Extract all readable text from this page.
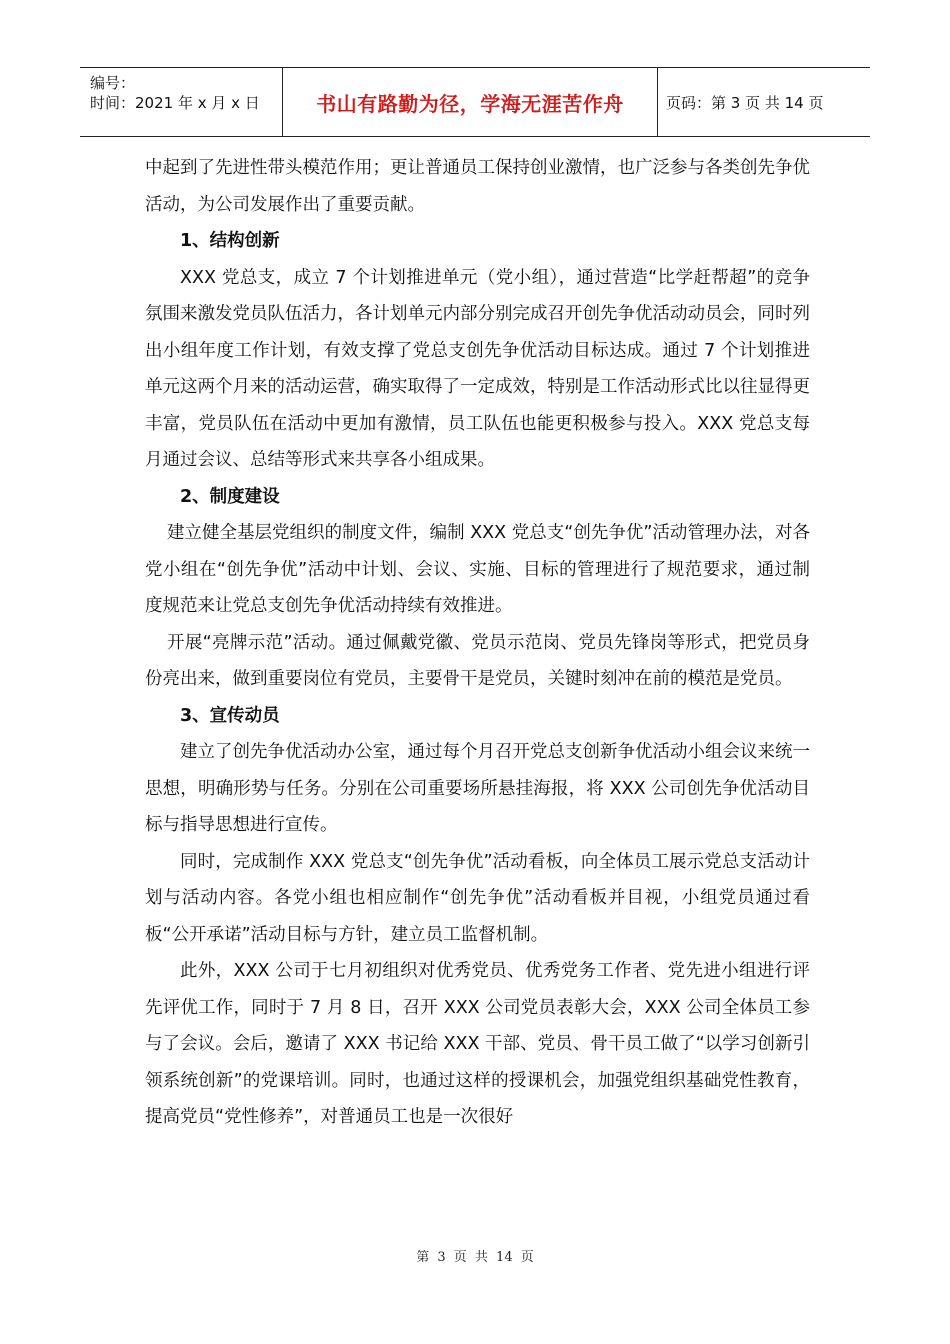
编号：
时间：2021 年 x 月 x 日	书山有路勤为径，学海无涯苦作舟	页码：第 3 页 共 14 页

中起到了先进性带头模范作用；更让普通员工保持创业激情，也广泛参与各类创先争优活动，为公司发展作出了重要贡献。

1、结构创新

XXX 党总支，成立 7 个计划推进单元（党小组），通过营造“比学赶帮超”的竞争氛围来激发党员队伍活力，各计划单元内部分别完成召开创先争优活动动员会，同时列出小组年度工作计划，有效支撑了党总支创先争优活动目标达成。通过 7 个计划推进单元这两个月来的活动运营，确实取得了一定成效，特别是工作活动形式比以往显得更丰富，党员队伍在活动中更加有激情，员工队伍也能更积极参与投入。XXX 党总支每月通过会议、总结等形式来共享各小组成果。

2、制度建设

建立健全基层党组织的制度文件，编制 XXX 党总支“创先争优”活动管理办法，对各党小组在“创先争优”活动中计划、会议、实施、目标的管理进行了规范要求，通过制度规范来让党总支创先争优活动持续有效推进。

开展“亮牌示范”活动。通过佩戴党徽、党员示范岗、党员先锋岗等形式，把党员身份亮出来，做到重要岗位有党员，主要骨干是党员，关键时刻冲在前的模范是党员。

3、宣传动员

建立了创先争优活动办公室，通过每个月召开党总支创新争优活动小组会议来统一思想，明确形势与任务。分别在公司重要场所悬挂海报，将 XXX 公司创先争优活动目标与指导思想进行宣传。

同时，完成制作 XXX 党总支“创先争优”活动看板，向全体员工展示党总支活动计划与活动内容。各党小组也相应制作“创先争优”活动看板并目视，小组党员通过看板“公开承诺”活动目标与方针，建立员工监督机制。

此外，XXX 公司于七月初组织对优秀党员、优秀党务工作者、党先进小组进行评先评优工作，同时于 7 月 8 日，召开 XXX 公司党员表彰大会，XXX 公司全体员工参与了会议。会后，邀请了 XXX 书记给 XXX 干部、党员、骨干员工做了“以学习创新引领系统创新”的党课培训。同时，也通过这样的授课机会，加强党组织基础党性教育，提高党员“党性修养”，对普通员工也是一次很好

第 3 页 共 14 页
